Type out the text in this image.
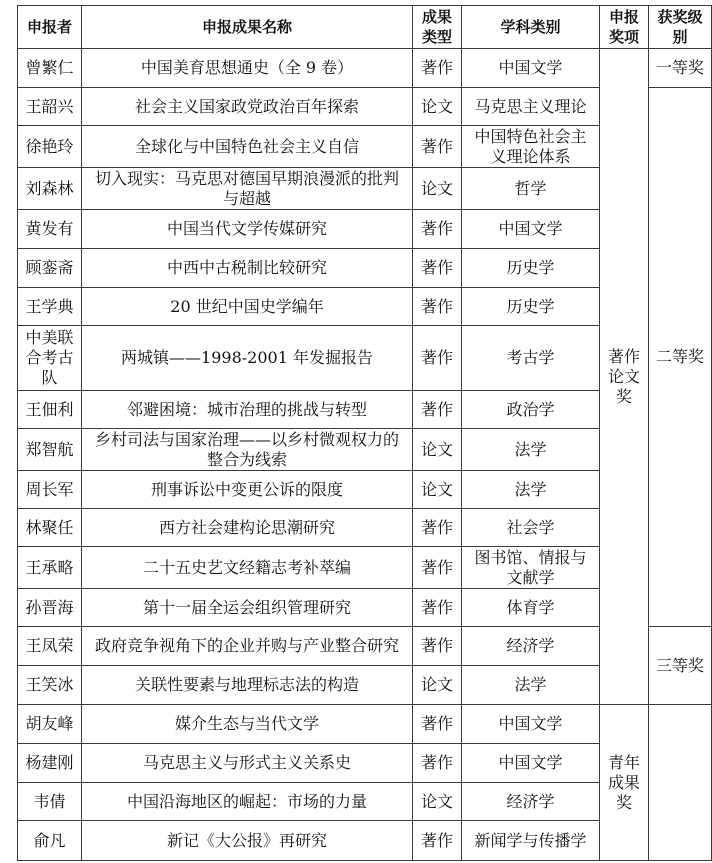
申报者	申报成果名称	成果类型	学科类别	申报奖项	获奖级别
曾繁仁	中国美育思想通史（全 9 卷）	著作	中国文学	著作论文奖	一等奖
王韶兴	社会主义国家政党政治百年探索	论文	马克思主义理论		二等奖
徐艳玲	全球化与中国特色社会主义自信	著作	中国特色社会主义理论体系		
刘森林	切入现实：马克思对德国早期浪漫派的批判与超越	论文	哲学		
黄发有	中国当代文学传媒研究	著作	中国文学		
顾銮斋	中西中古税制比较研究	著作	历史学		
王学典	20 世纪中国史学编年	著作	历史学		
中美联合考古队	两城镇——1998-2001 年发掘报告	著作	考古学		
王佃利	邻避困境：城市治理的挑战与转型	著作	政治学		
郑智航	乡村司法与国家治理——以乡村微观权力的整合为线索	论文	法学		
周长军	刑事诉讼中变更公诉的限度	论文	法学		
林聚任	西方社会建构论思潮研究	著作	社会学		
王承略	二十五史艺文经籍志考补萃编	著作	图书馆、情报与文献学		
孙晋海	第十一届全运会组织管理研究	著作	体育学		
王凤荣	政府竞争视角下的企业并购与产业整合研究	著作	经济学		三等奖
王笑冰	关联性要素与地理标志法的构造	论文	法学		
胡友峰	媒介生态与当代文学	著作	中国文学	青年成果奖	
杨建刚	马克思主义与形式主义关系史	著作	中国文学		
韦倩	中国沿海地区的崛起：市场的力量	论文	经济学		
俞凡	新记《大公报》再研究	著作	新闻学与传播学		
